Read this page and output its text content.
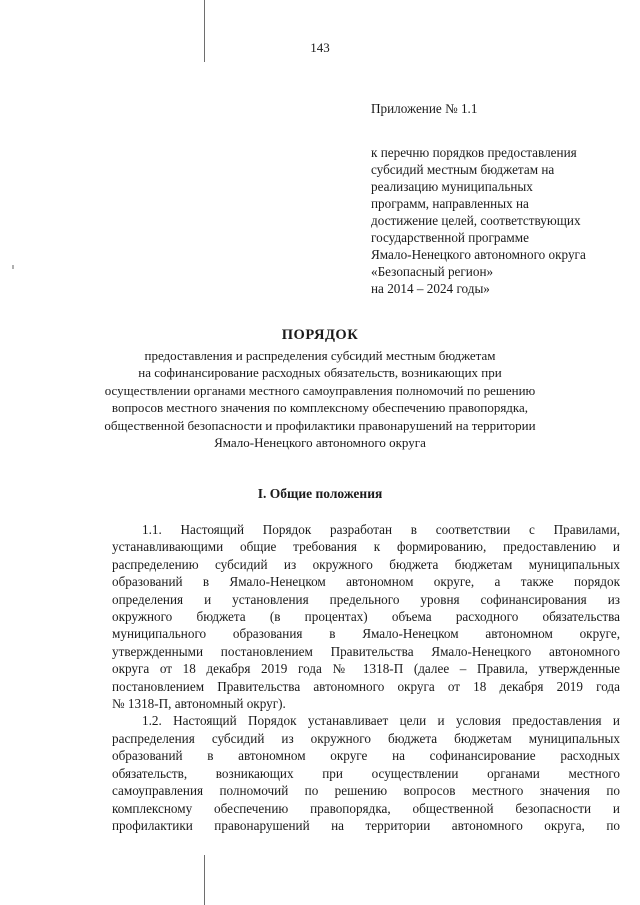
143
Приложение № 1.1
к перечню порядков предоставления
субсидий местным бюджетам на
реализацию муниципальных
программ, направленных на
достижение целей, соответствующих
государственной программе
Ямало-Ненецкого автономного округа
«Безопасный регион»
на 2014 – 2024 годы»
ПОРЯДОК
предоставления и распределения субсидий местным бюджетам
на софинансирование расходных обязательств, возникающих при
осуществлении органами местного самоуправления полномочий по решению
вопросов местного значения по комплексному обеспечению правопорядка,
общественной безопасности и профилактики правонарушений на территории
Ямало-Ненецкого автономного округа
I. Общие положения
1.1. Настоящий Порядок разработан в соответствии с Правилами,
устанавливающими общие требования к формированию, предоставлению и
распределению субсидий из окружного бюджета бюджетам муниципальных
образований в Ямало-Ненецком автономном округе, а также порядок
определения и установления предельного уровня софинансирования из
окружного бюджета (в процентах) объема расходного обязательства
муниципального образования в Ямало-Ненецком автономном округе,
утвержденными постановлением Правительства Ямало-Ненецкого автономного
округа от 18 декабря 2019 года № 1318-П (далее – Правила, утвержденные
постановлением Правительства автономного округа от 18 декабря 2019 года
№ 1318-П, автономный округ).
1.2. Настоящий Порядок устанавливает цели и условия предоставления и
распределения субсидий из окружного бюджета бюджетам муниципальных
образований в автономном округе на софинансирование расходных
обязательств, возникающих при осуществлении органами местного
самоуправления полномочий по решению вопросов местного значения по
комплексному обеспечению правопорядка, общественной безопасности и
профилактики правонарушений на территории автономного округа, по
